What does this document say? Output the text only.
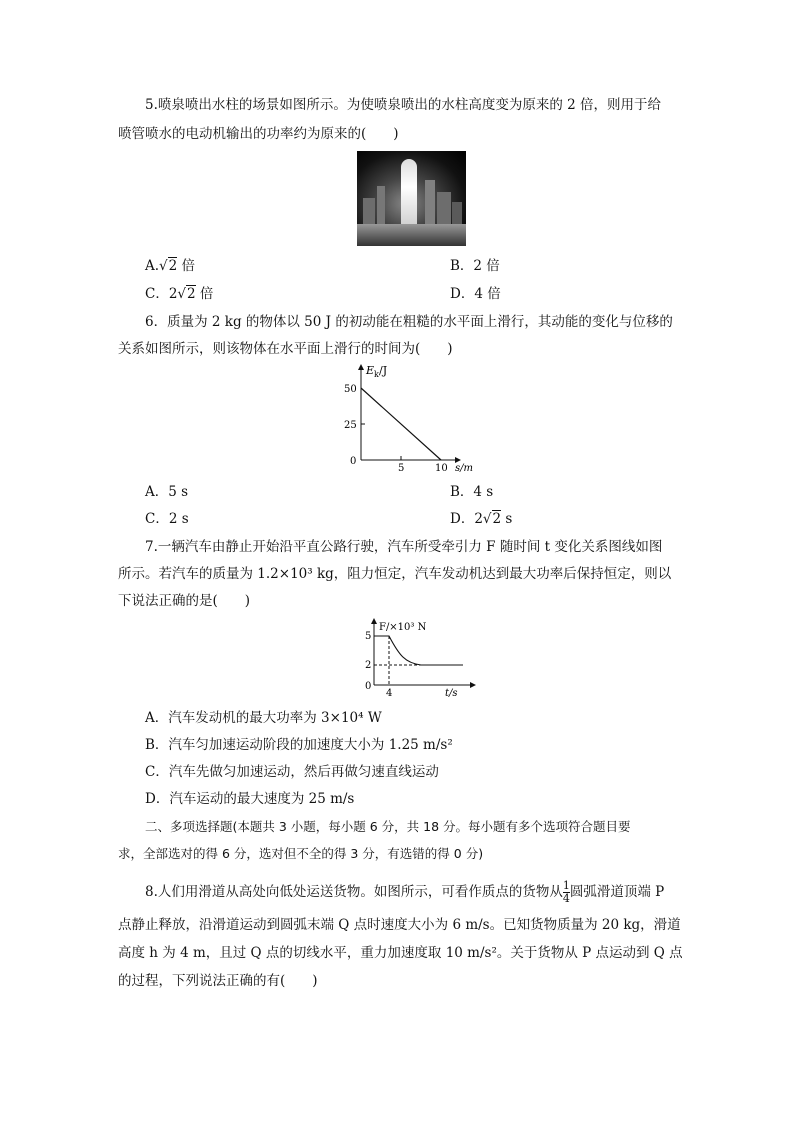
5.喷泉喷出水柱的场景如图所示。为使喷泉喷出的水柱高度变为原来的 2 倍，则用于给
喷管喷水的电动机输出的功率约为原来的(　　)
A.√2 倍	B．2 倍
C．2√2 倍	D．4 倍
6．质量为 2 kg 的物体以 50 J 的初动能在粗糙的水平面上滑行，其动能的变化与位移的
关系如图所示，则该物体在水平面上滑行的时间为(　　)
E k /J
50
25
0
5	10 s/m
A．5 s	B．4 s
C．2 s	D．2√2 s
7.一辆汽车由静止开始沿平直公路行驶，汽车所受牵引力 F 随时间 t 变化关系图线如图
所示。若汽车的质量为 1.2×10³ kg，阻力恒定，汽车发动机达到最大功率后保持恒定，则以
下说法正确的是(　　)
F/×10³ N
5
2
0
4	t/s
A．汽车发动机的最大功率为 3×10⁴ W
B．汽车匀加速运动阶段的加速度大小为 1.25 m/s²
C．汽车先做匀加速运动，然后再做匀速直线运动
D．汽车运动的最大速度为 25 m/s
二、多项选择题(本题共 3 小题，每小题 6 分，共 18 分。每小题有多个选项符合题目要
求，全部选对的得 6 分，选对但不全的得 3 分，有选错的得 0 分)
8.人们用滑道从高处向低处运送货物。如图所示，可看作质点的货物从 $\frac{1}{4}$ 圆弧滑道顶端 P
点静止释放，沿滑道运动到圆弧末端 Q 点时速度大小为 6 m/s。已知货物质量为 20 kg，滑道
高度 h 为 4 m，且过 Q 点的切线水平，重力加速度取 10 m/s²。关于货物从 P 点运动到 Q 点
的过程，下列说法正确的有(　　)
